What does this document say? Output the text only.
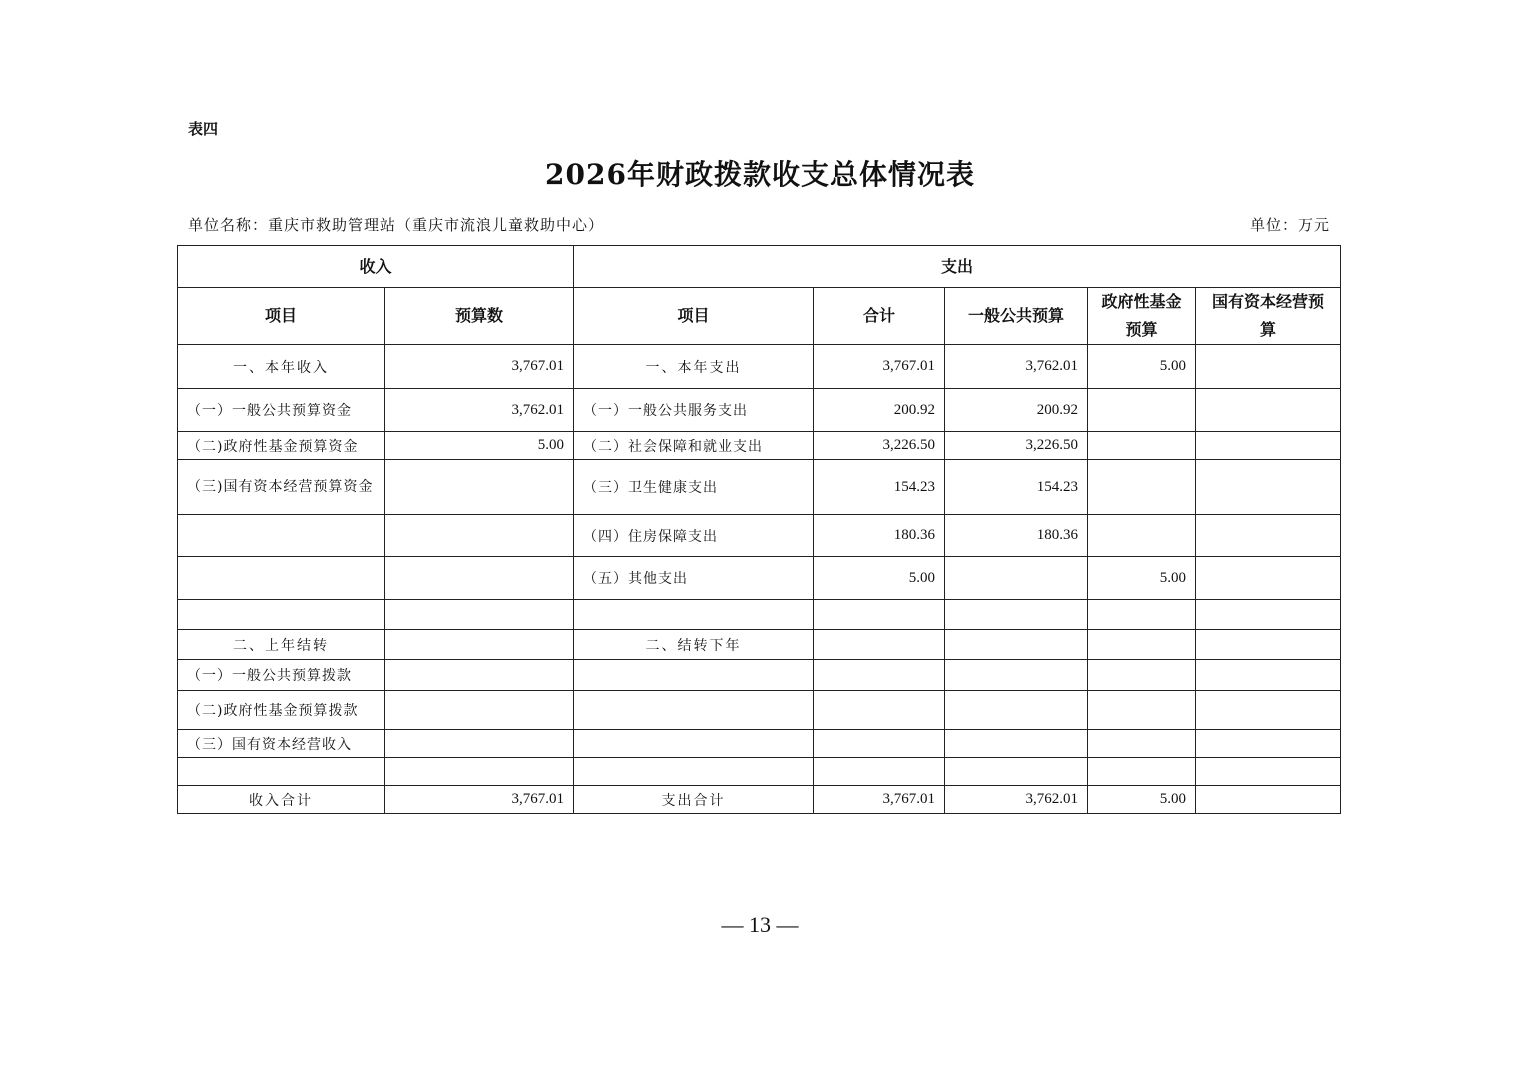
表四
2026年财政拨款收支总体情况表
单位名称：重庆市救助管理站（重庆市流浪儿童救助中心）	单位：万元
收入		支出				
项目	预算数	项目	合计	一般公共预算	政府性基金预算	国有资本经营预算
一、本年收入	3,767.01	一、本年支出	3,767.01	3,762.01	5.00	
（一）一般公共预算资金	3,762.01	（一）一般公共服务支出	200.92	200.92		
（二)政府性基金预算资金	5.00	（二）社会保障和就业支出	3,226.50	3,226.50		
（三)国有资本经营预算资金		（三）卫生健康支出	154.23	154.23		
		（四）住房保障支出	180.36	180.36		
		（五）其他支出	5.00		5.00	

二、上年结转		二、结转下年				
（一）一般公共预算拨款						
（二)政府性基金预算拨款						
（三）国有资本经营收入						

收入合计	3,767.01	支出合计	3,767.01	3,762.01	5.00	
— 13 —
